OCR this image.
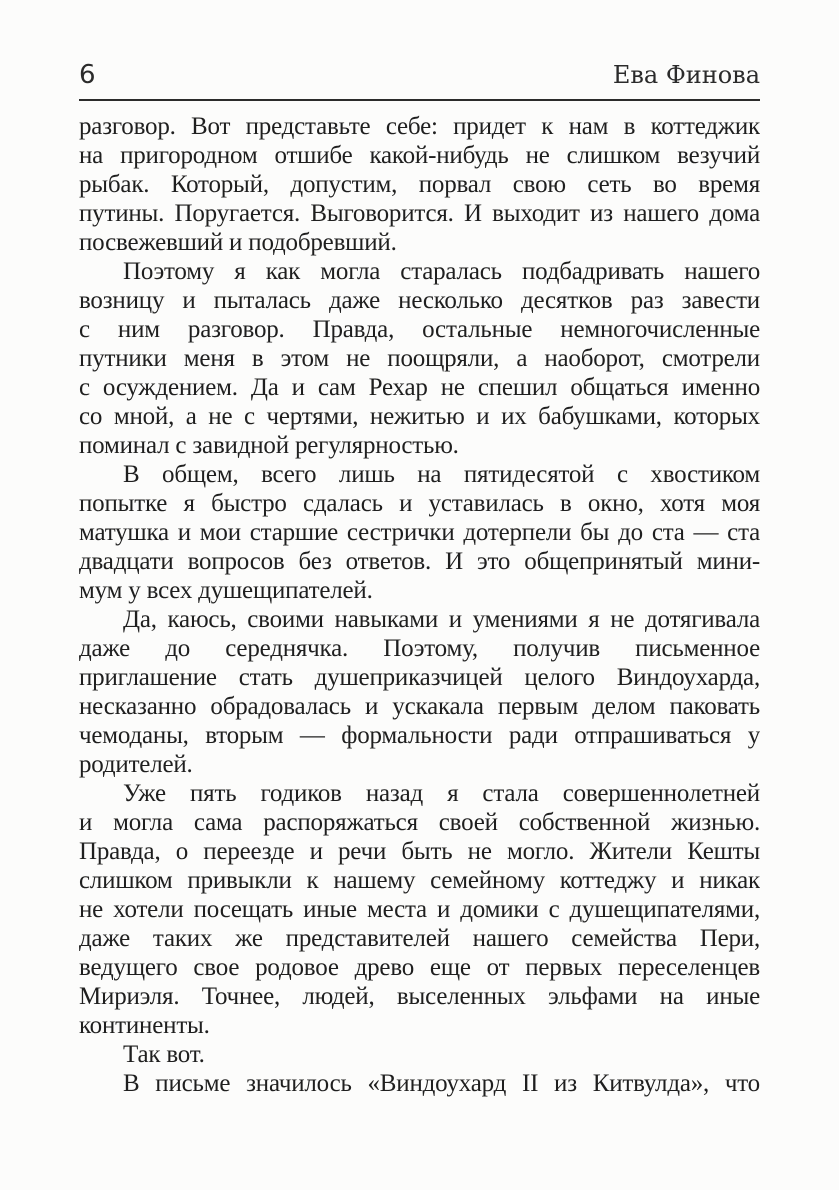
6	Ева Финова
разговор. Вот представьте себе: придет к нам в коттеджик
на пригородном отшибе какой-нибудь не слишком везучий
рыбак. Который, допустим, порвал свою сеть во время
путины. Поругается. Выговорится. И выходит из нашего дома
посвежевший и подобревший.
Поэтому я как могла старалась подбадривать нашего
возницу и пыталась даже несколько десятков раз завести
с ним разговор. Правда, остальные немногочисленные
путники меня в этом не поощряли, а наоборот, смотрели
с осуждением. Да и сам Рехар не спешил общаться именно
со мной, а не с чертями, нежитью и их бабушками, которых
поминал с завидной регулярностью.
В общем, всего лишь на пятидесятой с хвостиком
попытке я быстро сдалась и уставилась в окно, хотя моя
матушка и мои старшие сестрички дотерпели бы до ста — ста
двадцати вопросов без ответов. И это общепринятый мини-
мум у всех душещипателей.
Да, каюсь, своими навыками и умениями я не дотягивала
даже до середнячка. Поэтому, получив письменное
приглашение стать душеприказчицей целого Виндоухарда,
несказанно обрадовалась и ускакала первым делом паковать
чемоданы, вторым — формальности ради отпрашиваться у
родителей.
Уже пять годиков назад я стала совершеннолетней
и могла сама распоряжаться своей собственной жизнью.
Правда, о переезде и речи быть не могло. Жители Кешты
слишком привыкли к нашему семейному коттеджу и никак
не хотели посещать иные места и домики с душещипателями,
даже таких же представителей нашего семейства Пери,
ведущего свое родовое древо еще от первых переселенцев
Мириэля. Точнее, людей, выселенных эльфами на иные
континенты.
Так вот.
В письме значилось «Виндоухард II из Китвулда», что
